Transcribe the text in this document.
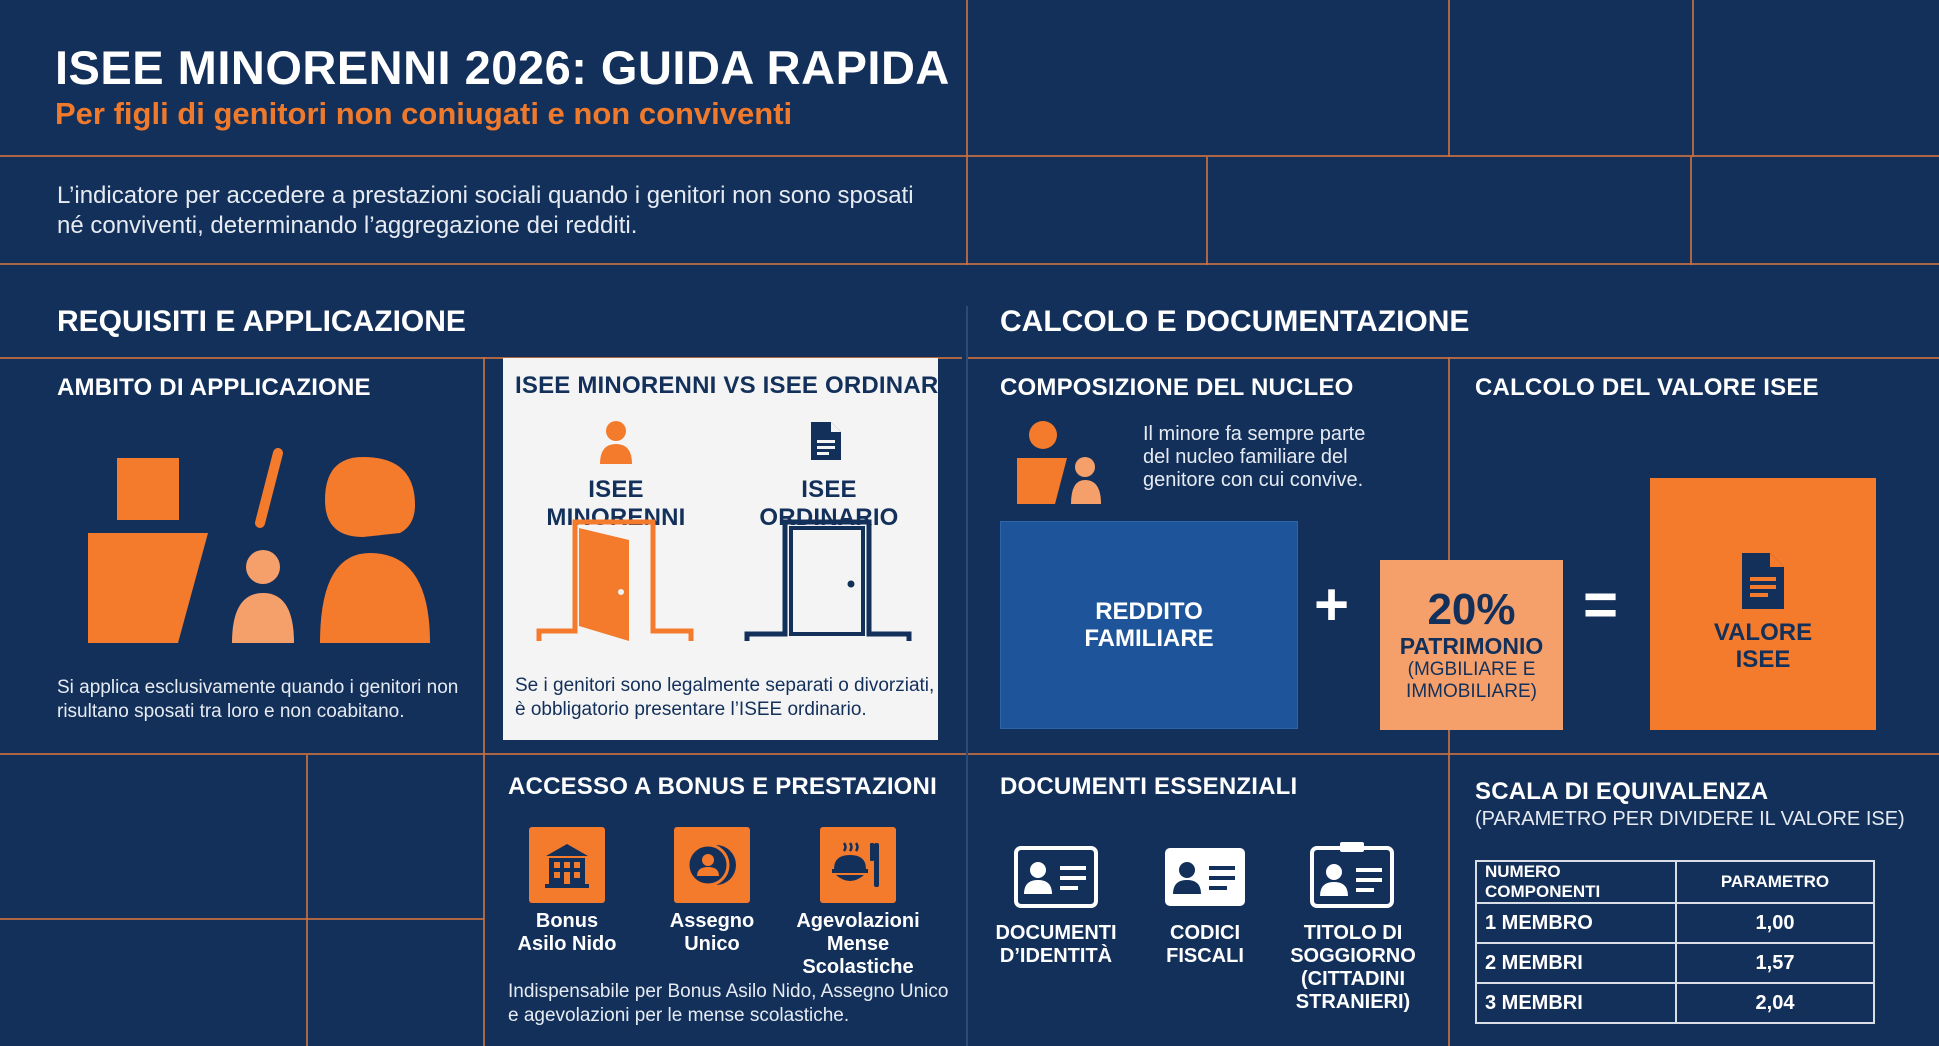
ISEE MINORENNI 2026: GUIDA RAPIDA
Per figli di genitori non coniugati e non conviventi
L’indicatore per accedere a prestazioni sociali quando i genitori non sono sposati
né conviventi, determinando l’aggregazione dei redditi.
REQUISITI E APPLICAZIONE	CALCOLO E DOCUMENTAZIONE
AMBITO DI APPLICAZIONE
Si applica esclusivamente quando i genitori non
risultano sposati tra loro e non coabitano.
ISEE MINORENNI VS ISEE ORDINARIO
ISEE MINORENNI
ISEE ORDINARIO
Se i genitori sono legalmente separati o divorziati,
è obbligatorio presentare l’ISEE ordinario.
ACCESSO A BONUS E PRESTAZIONI
Bonus
Asilo Nido
Assegno
Unico
Agevolazioni
Mense Scolastiche
Indispensabile per Bonus Asilo Nido, Assegno Unico
e agevolazioni per le mense scolastiche.
COMPOSIZIONE DEL NUCLEO
Il minore fa sempre parte
del nucleo familiare del
genitore con cui convive.
CALCOLO DEL VALORE ISEE
REDDITO
FAMILIARE
+ 20%
PATRIMONIO
(MGBILIARE E
IMMOBILIARE)
=	VALORE
ISEE
DOCUMENTI ESSENZIALI
DOCUMENTI
D’IDENTITÀ
CODICI
FISCALI
TITOLO DI
SOGGIORNO
(CITTADINI
STRANIERI)
SCALA DI EQUIVALENZA
(PARAMETRO PER DIVIDERE IL VALORE ISE)
NUMERO COMPONENTI	PARAMETRO
1 MEMBRO	1,00
2 MEMBRI	1,57
3 MEMBRI	2,04
